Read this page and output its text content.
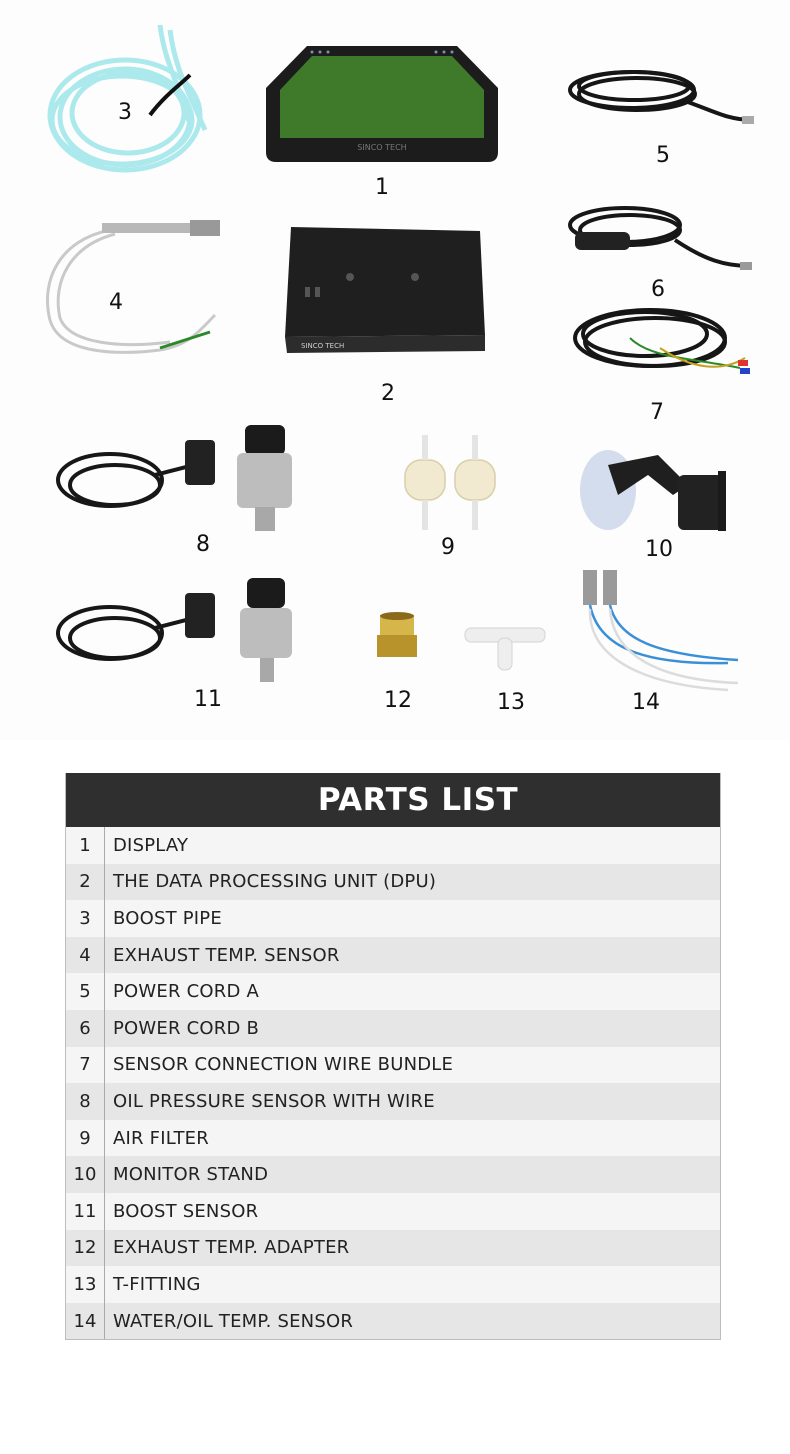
3
SINCO TECH
1
5
4
SINCO TECH
2
6
7
8	9	10
11	12	13	14
PARTS LIST
1	DISPLAY
2	THE DATA PROCESSING UNIT (DPU)
3	BOOST PIPE
4	EXHAUST TEMP. SENSOR
5	POWER CORD A
6	POWER CORD B
7	SENSOR CONNECTION WIRE BUNDLE
8	OIL PRESSURE SENSOR WITH WIRE
9	AIR FILTER
10 MONITOR STAND
11 BOOST SENSOR
12 EXHAUST TEMP. ADAPTER
13 T-FITTING
14 WATER/OIL TEMP. SENSOR
